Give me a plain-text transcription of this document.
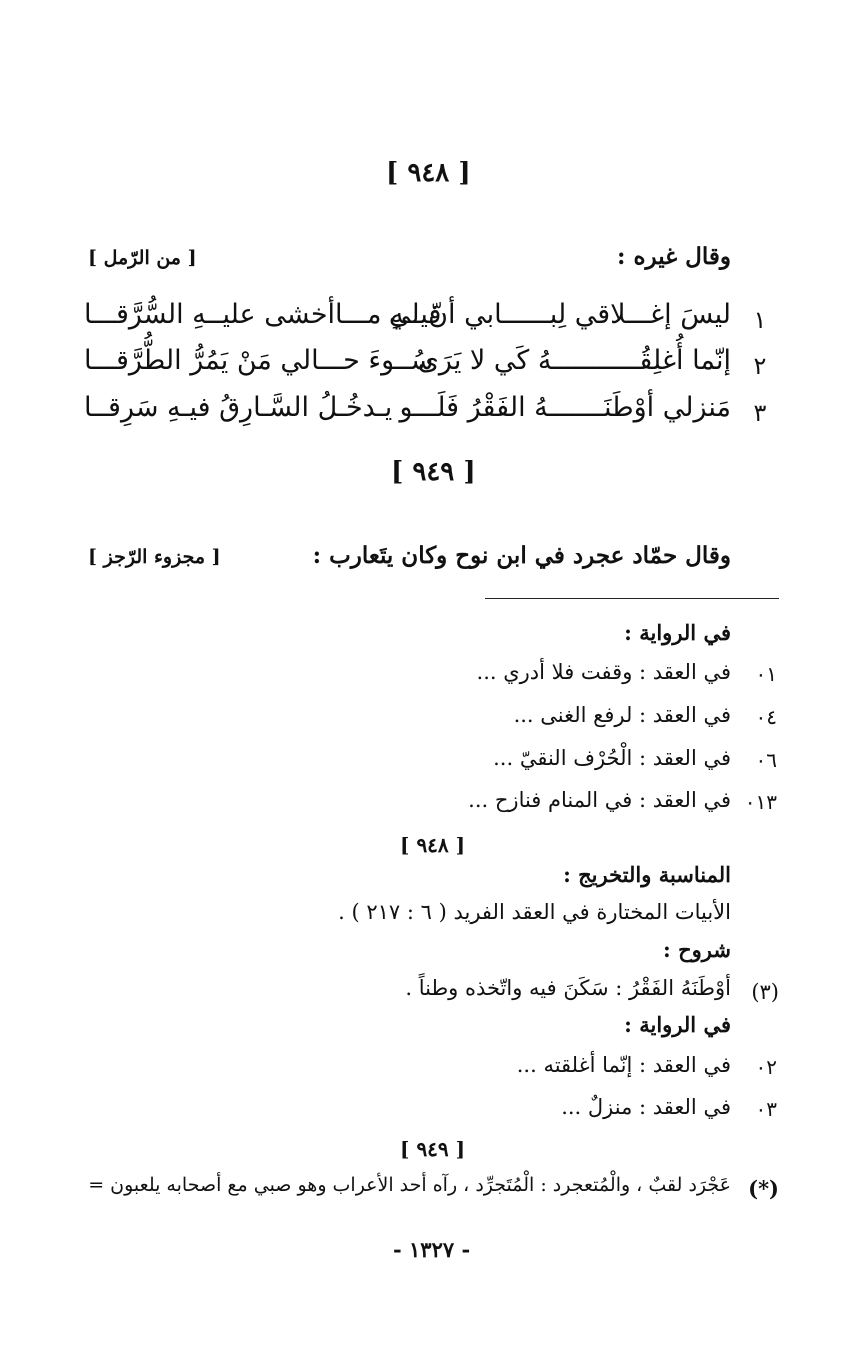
[ ٩٤٨ ]
وقال غيره :
[ من الرّمل ]
١
ليسَ إغـــلاقي لِبــــــابي أنّ لي
فيــهِ مـــاأخشى عليــهِ السُّرَّقـــا
٢
إنّما أُغلِقُـــــــــــهُ كَي لا يَرَى
سُــوءَ حـــالي مَنْ يَمُرُّ الطُّرَّقـــا
٣
مَنزلي أوْطَنَـــــــهُ الفَقْرُ فَلَـــو
يـدخُـلُ السَّـارِقُ فيـهِ سَرِقــا
[ ٩٤٩ ]
وقال حمّاد عجرد في ابن نوح وكان يتَعارب :
[ مجزوء الرّجز ]
في الرواية :
٠١
في العقد : وقفت فلا أدري ...
٠٤
في العقد : لرفع الغنى ...
٠٦
في العقد : الْحُرْف النقيّ ...
٠١٣
في العقد : في المنام فنازح ...
[ ٩٤٨ ]
المناسبة والتخريج :
الأبيات المختارة في العقد الفريد ( ٦ : ٢١٧ ) .
شروح :
(٣)
أوْطَنَهُ الفَقْرُ : سَكَنَ فيه واتّخذه وطناً .
في الرواية :
٠٢
في العقد : إنّما أغلقته ...
٠٣
في العقد : منزلٌ ...
[ ٩٤٩ ]
(*)
عَجْرَد لقبٌ ، والْمُتعجرد : الْمُتَجرِّد ، رآه أحد الأعراب وهو صبي مع أصحابه يلعبون =
- ١٣٢٧ -
